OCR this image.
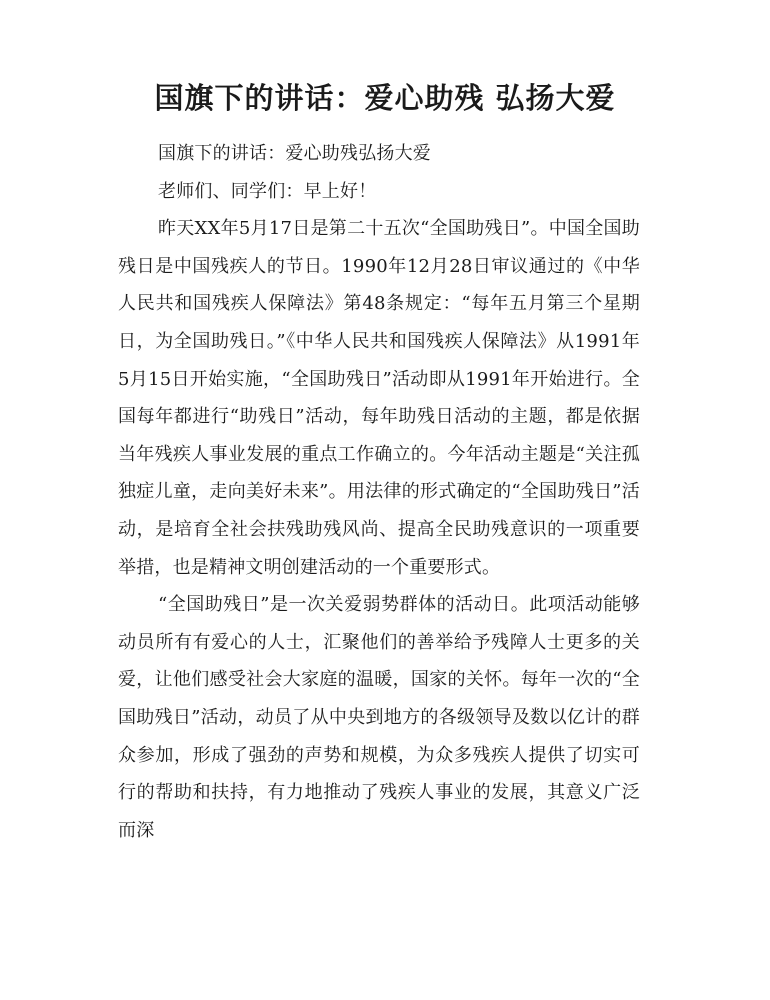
国旗下的讲话：爱心助残 弘扬大爱

国旗下的讲话：爱心助残弘扬大爱

老师们、同学们：早上好！

昨天XX年5月17日是第二十五次“全国助残日”。中国全国助残日是中国残疾人的节日。1990年12月28日审议通过的《中华人民共和国残疾人保障法》第48条规定：“每年五月第三个星期日，为全国助残日。”《中华人民共和国残疾人保障法》从1991年5月15日开始实施，“全国助残日”活动即从1991年开始进行。全国每年都进行“助残日”活动，每年助残日活动的主题，都是依据当年残疾人事业发展的重点工作确立的。今年活动主题是“关注孤独症儿童，走向美好未来”。用法律的形式确定的“全国助残日”活动，是培育全社会扶残助残风尚、提高全民助残意识的一项重要举措，也是精神文明创建活动的一个重要形式。

“全国助残日”是一次关爱弱势群体的活动日。此项活动能够动员所有有爱心的人士，汇聚他们的善举给予残障人士更多的关爱，让他们感受社会大家庭的温暖，国家的关怀。每年一次的“全国助残日”活动，动员了从中央到地方的各级领导及数以亿计的群众参加，形成了强劲的声势和规模，为众多残疾人提供了切实可行的帮助和扶持，有力地推动了残疾人事业的发展，其意义广泛而深
